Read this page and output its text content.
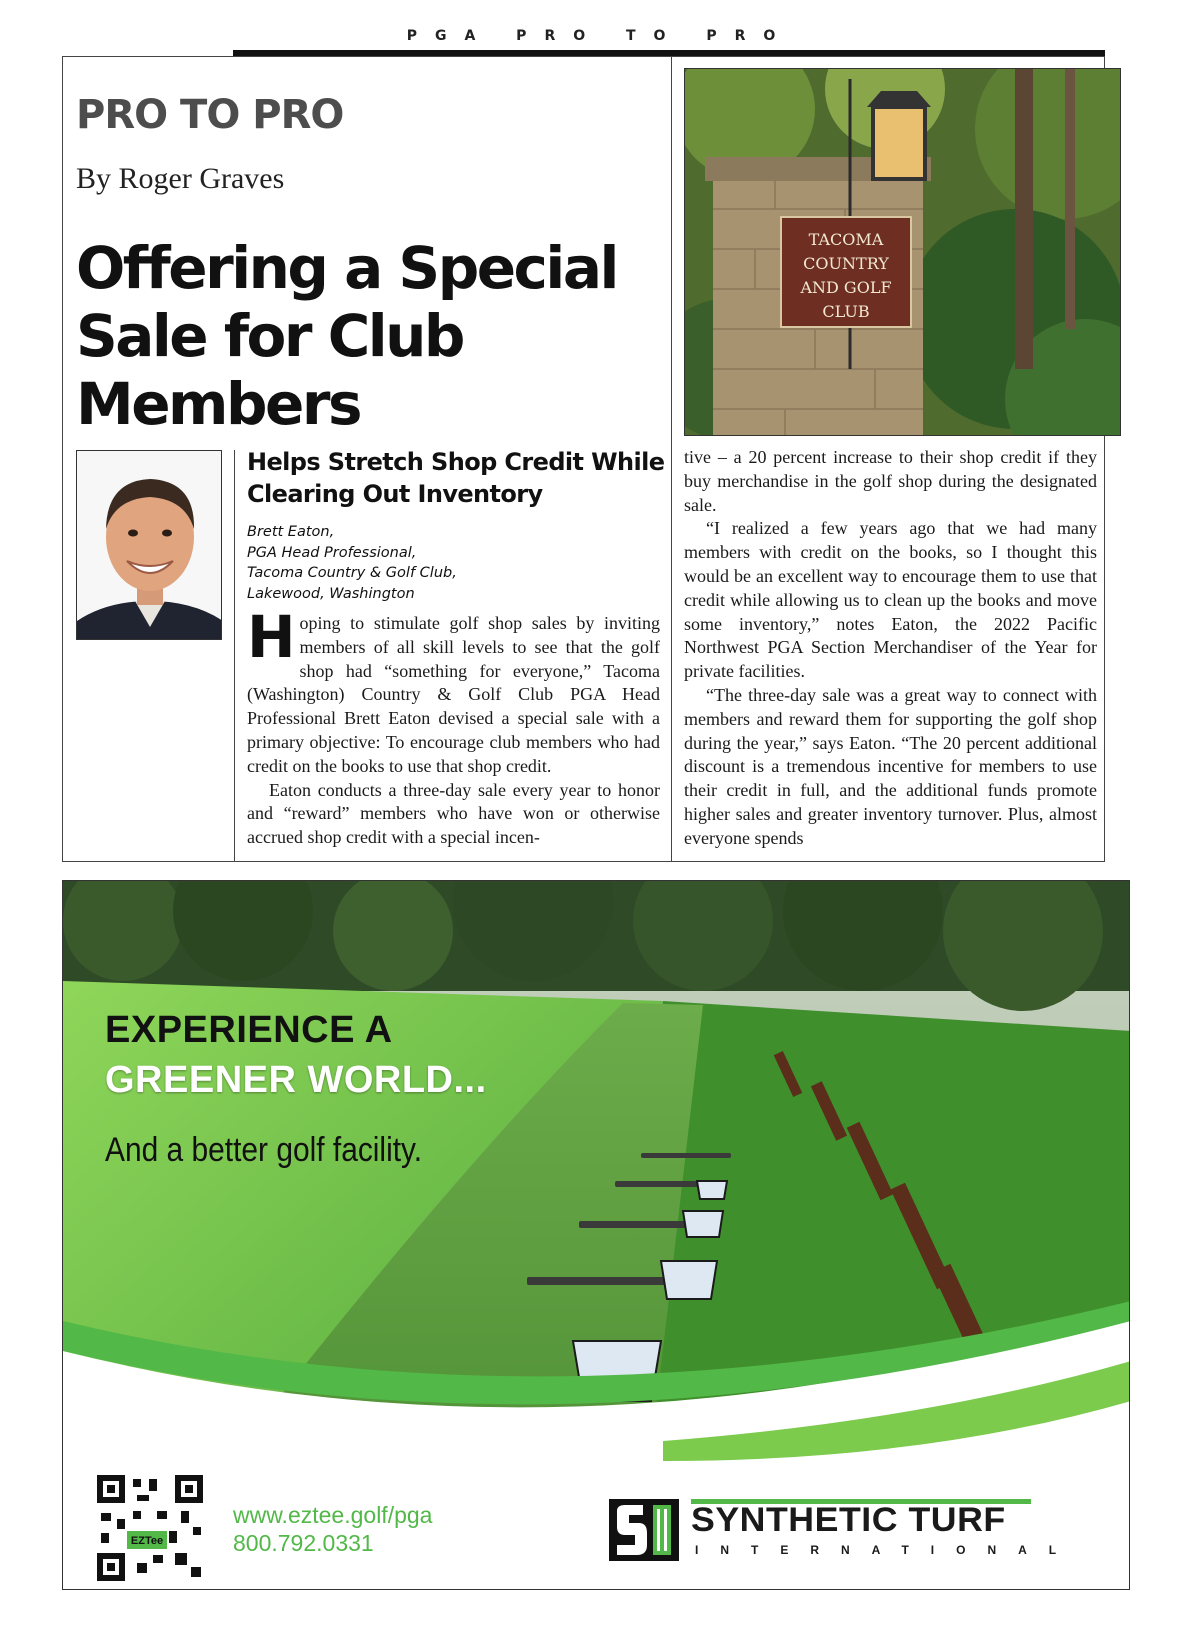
PGA PRO TO PRO
PRO TO PRO
By Roger Graves
Offering a Special Sale for Club Members
TACOMA
COUNTRY
AND GOLF
CLUB
Helps Stretch Shop Credit While Clearing Out Inventory
Brett Eaton,
PGA Head Professional,
Tacoma Country & Golf Club,
Lakewood, Washington

Hoping to stimulate golf shop sales by inviting members of all skill levels to see that the golf shop had “something for everyone,” Tacoma (Washington) Country & Golf Club PGA Head Professional Brett Eaton devised a special sale with a primary objective: To encourage club members who had credit on the books to use that shop credit.

Eaton conducts a three-day sale every year to honor and “reward” members who have won or otherwise accrued shop credit with a special incen-

tive – a 20 percent increase to their shop credit if they buy merchandise in the golf shop during the designated sale.

“I realized a few years ago that we had many members with credit on the books, so I thought this would be an excellent way to encourage them to use that credit while allowing us to clean up the books and move some inventory,” notes Eaton, the 2022 Pacific Northwest PGA Section Merchandiser of the Year for private facilities.

“The three-day sale was a great way to connect with members and reward them for supporting the golf shop during the year,” says Eaton. “The 20 percent additional discount is a tremendous incentive for members to use their credit in full, and the additional funds promote higher sales and greater inventory turnover. Plus, almost everyone spends

EXPERIENCE A
GREENER WORLD...
And a better golf facility.
EZTee
www.eztee.golf/pga
800.792.0331
SYNTHETIC TURF
INTERNATIONAL
